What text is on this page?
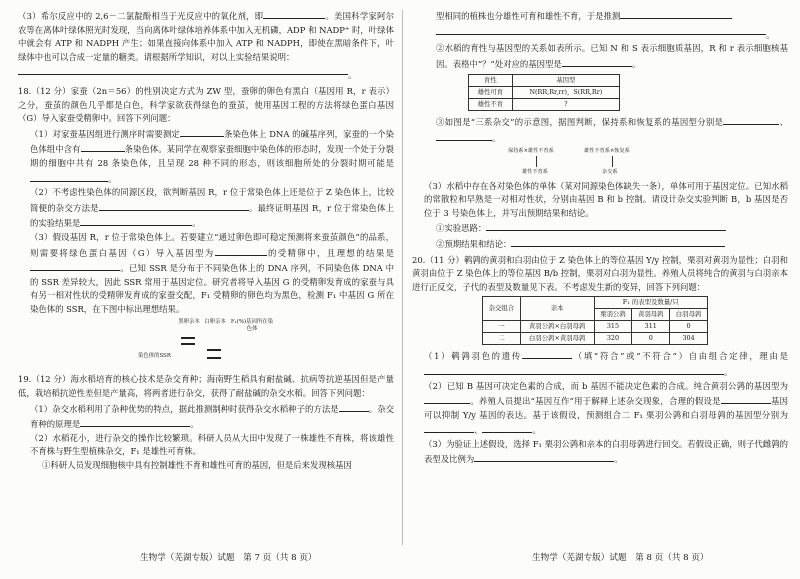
（3）希尔反应中的 2,6－二氯靛酚相当于光反应中的氧化剂，即	。美国科学家阿尔农等在离体叶绿体照光时发现，当向离体叶绿体培养体系中加入无机磷，ADP 和 NADP⁺ 时，叶绿体中就会有 ATP 和 NADPH 产生；如果直接向体系中加入 ATP 和 NADPH，即使在黑暗条件下，叶绿体中也可以合成一定量的糖类。请根据所学知识，对以上实验结果说明：

。

18.（12 分）家蚕（2n＝56）的性别决定方式为 ZW 型，蚕卵的卵色有黑白（基因用 R，r 表示）之分，蚕茧的颜色几乎都是白色，科学家欲获得绿色的蚕茧，使用基因工程的方法将绿色蛋白基因（G）导入家蚕受精卵中。回答下列问题：

（1）对家蚕基因组进行测序时需要测定	条染色体上 DNA 的碱基序列，家蚕的一个染色体组中含有	条染色体。某同学在观察家蚕细胞中染色体的形态时，发现一个处于分裂期的细胞中共有 28 条染色体，且呈现 28 种不同的形态，则该细胞所处的分裂时期可能是。

（2）不考虑性染色体的同源区段，欲判断基因 R，r 位于常染色体上还是位于 Z 染色体上，比较简便的杂交方法是	。最终证明基因 R，r 位于常染色体上的实验结果是	。

（3）假设基因 R，r 位于常染色体上。若要建立“通过卵色即可稳定预测将来蚕茧颜色”的品系，则需要将绿色蛋白基因（G）导入基因型为	的受精卵中，且理想的结果是。已知 SSR 是分布于不同染色体上的 DNA 序列，不同染色体 DNA 中的 SSR 差异较大，因此 SSR 常用于基因定位。研究者将导入基因 G 的受精卵发育成的家蚕与具有另一相对性状的受精卵发育成的家蚕交配，F₁ 受精卵的卵色均为黑色，检测 F₁ 中基因 G 所在染色体的 SSR，在下图中标出理想结果。

黑卵亲本 白卵亲本 F₁(%)基因所在染色体
染色体的SSR

19.（12 分）海水稻培育的核心技术是杂交育种；海南野生稻具有耐盐碱、抗病等抗逆基因但是产量低，栽培稻抗逆性差但是产量高，将两者进行杂交，获得了耐盐碱的杂交水稻。回答下列问题：

（1）杂交水稻利用了杂种优势的特点，据此推测制种时获得杂交水稻种子的方法是	。杂交育种的原理是	。

（2）水稻花小，进行杂交的操作比较繁琐。科研人员从大田中发现了一株雄性不育株，将该雄性不育株与野生型植株杂交，F₁ 是雄性可育株。

①科研人员发现细胞核中具有控制雄性不育和雄性可育的基因，但是后来发现核基因

型相同的植株也分雄性可育和雄性不育，于是推测

。

②水稻的育性与基因型的关系如表所示。已知 N 和 S 表示细胞质基因，R 和 r 表示细胞核基因。表格中“？”处对应的基因型是	。

育性	基因型
雄性可育	N(RR,Rr,rr)，S(RR,Rr)
雄性不育	?

③如图是“三系杂交”的示意图，据图判断，保持系和恢复系的基因型分别是	、。

保持系×雄性不育系	雄性不育系×恢复系
雄性不育系	杂交系

（3）水稻中存在各对染色体的单体（某对同源染色体缺失一条），单体可用于基因定位。已知水稻的常散粒和早熟是一对相对性状，分别由基因 B 和 b 控制。请设计杂交实验判断 B，b 基因是否位于 3 号染色体上，并写出预期结果和结论。

①实验思路：

②预期结果和结论：

20.（11 分）鹌鹑的黄羽和白羽由位于 Z 染色体上的等位基因 Y/y 控制，栗羽对黄羽为显性；白羽和黄羽由位于 Z 染色体上的等位基因 B/b 控制，栗羽对白羽为显性。养殖人员将纯合的黄羽与白羽亲本进行正反交，子代的表型及数量见下表。不考虑发生新的变异，回答下列问题：

杂交组合	亲本	F₁ 的表型及数量/只		
		栗羽公鹑	黄羽母鹑	白羽母鹑
一	黄羽公鹑×白羽母鹑	315	311	0
二	白羽公鹑×黄羽母鹑	320	0	304

（1）鹌鹑羽色的遗传	（填“符合”或“不符合”）自由组合定律，理由是。

（2）已知 B 基因可决定色素的合成，而 b 基因不能决定色素的合成。纯合黄羽公鹑的基因型为。养殖人员提出“基因互作”用于解释上述杂交现象，合理的假设是	基因可以抑制 Y/y 基因的表达。基于该假设，预测组合二 F₁ 栗羽公鹑和白羽母鹑的基因型分别为、	。

（3）为验证上述假设，选择 F₁ 栗羽公鹑和亲本的白羽母鹑进行回交。若假设正确，则子代雌鹑的表型及比例为	。

生物学（芜湖专版）试题　第 7 页（共 8 页）	生物学（芜湖专版）试题　第 8 页（共 8 页）
